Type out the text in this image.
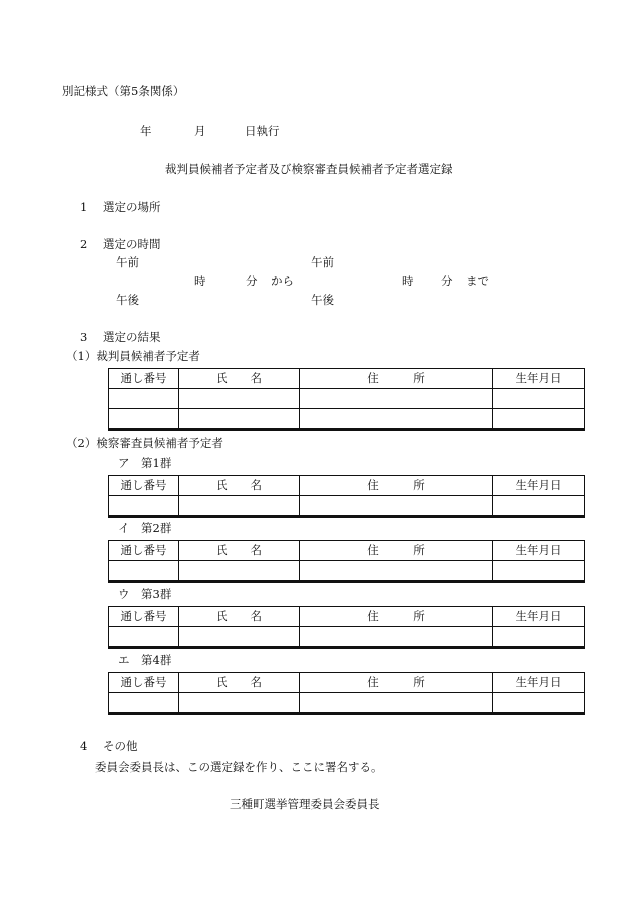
別記様式（第5条関係）
年	月	日執行
裁判員候補者予定者及び検察審査員候補者予定者選定録
1 選定の場所
2 選定の時間
午前	午前
時	分 から	時 分 まで
午後	午後
3 選定の結果
（1）裁判員候補者予定者
通し番号	氏　　名	住　　　所	生年月日

（2）検察審査員候補者予定者
ア　第1群
通し番号	氏　　名	住　　　所	生年月日

イ　第2群
通し番号	氏　　名	住　　　所	生年月日

ウ　第3群
通し番号	氏　　名	住　　　所	生年月日

エ　第4群
通し番号	氏　　名	住　　　所	生年月日

4 その他
委員会委員長は、この選定録を作り、ここに署名する。
三種町選挙管理委員会委員長
